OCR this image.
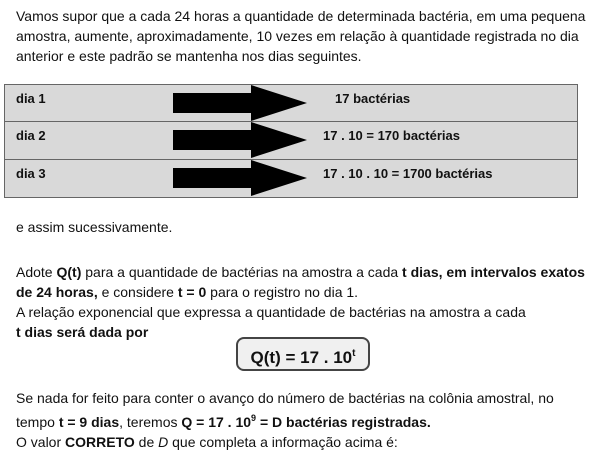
Vamos supor que a cada 24 horas a quantidade de determinada bactéria, em uma pequena amostra, aumente, aproximadamente, 10 vezes em relação à quantidade registrada no dia anterior e este padrão se mantenha nos dias seguintes.

dia 1	17 bactérias
dia 2	17 . 10 = 170 bactérias
dia 3	17 . 10 . 10 = 1700 bactérias

e assim sucessivamente.

Adote Q(t) para a quantidade de bactérias na amostra a cada t dias, em intervalos exatos de 24 horas, e considere t = 0 para o registro no dia 1.
A relação exponencial que expressa a quantidade de bactérias na amostra a cada
t dias será dada por

Q(t) = 17 . 10$^t$

Se nada for feito para conter o avanço do número de bactérias na colônia amostral, no tempo t = 9 dias, teremos Q = 17 . $10^9 = D$ bactérias registradas.
O valor CORRETO de D que completa a informação acima é:
